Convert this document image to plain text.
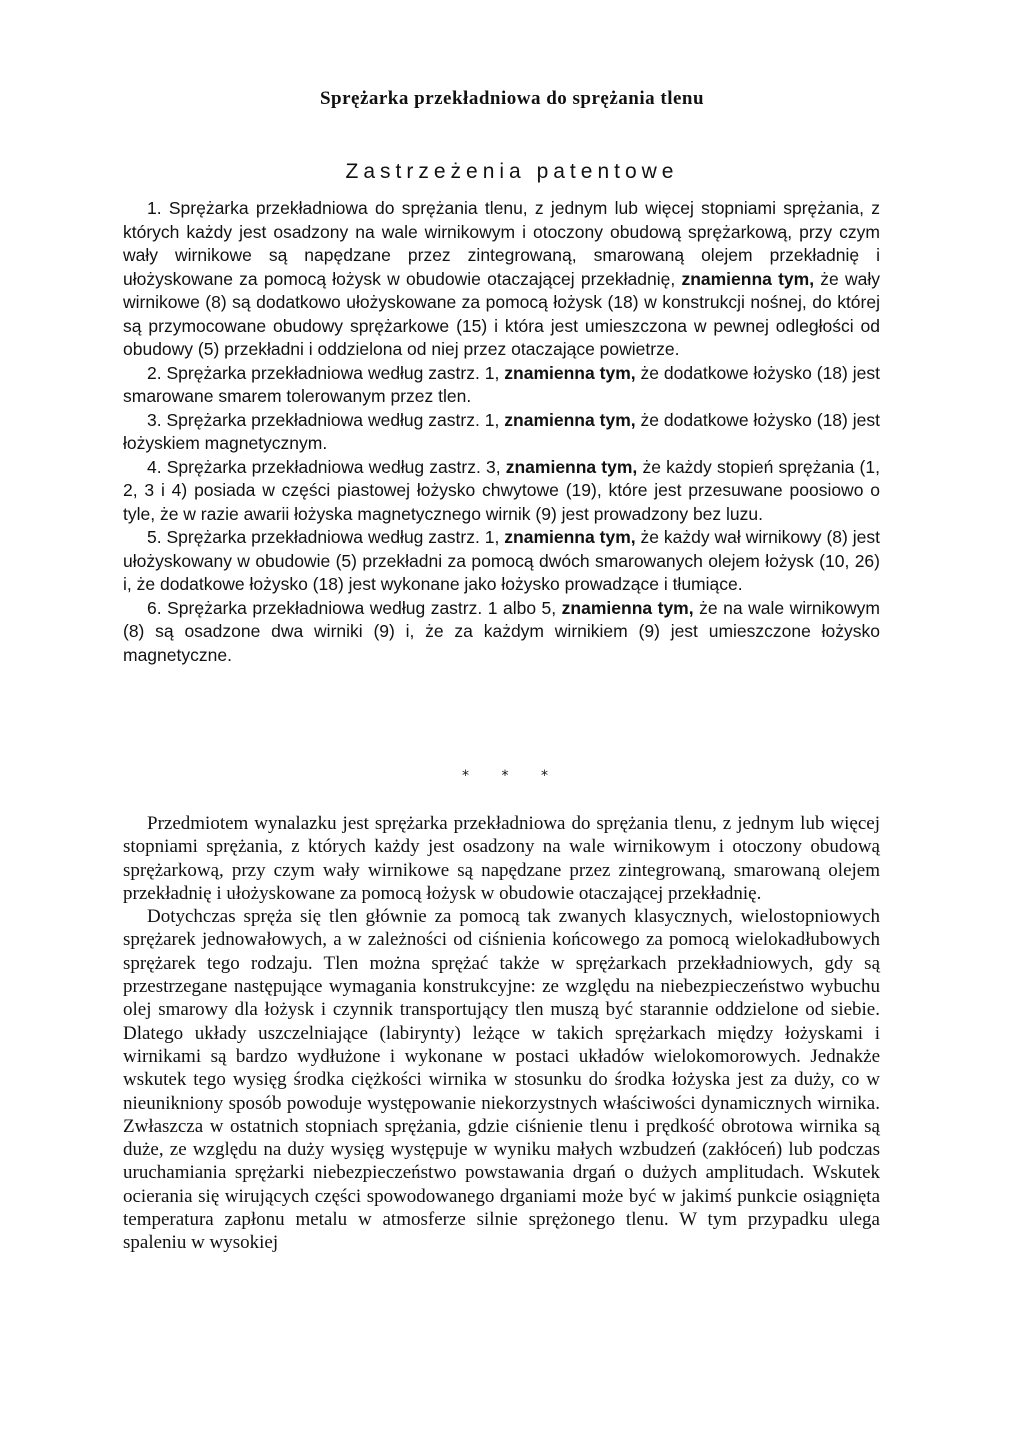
Sprężarka przekładniowa do sprężania tlenu
Zastrzeżenia patentowe

1. Sprężarka przekładniowa do sprężania tlenu, z jednym lub więcej stopniami sprężania, z których każdy jest osadzony na wale wirnikowym i otoczony obudową sprężarkową, przy czym wały wirnikowe są napędzane przez zintegrowaną, smarowaną olejem przekładnię i ułożyskowane za pomocą łożysk w obudowie otaczającej przekładnię, znamienna tym, że wały wirnikowe (8) są dodatkowo ułożyskowane za pomocą łożysk (18) w konstrukcji nośnej, do której są przymocowane obudowy sprężarkowe (15) i która jest umieszczona w pewnej odległości od obudowy (5) przekładni i oddzielona od niej przez otaczające powietrze.

2. Sprężarka przekładniowa według zastrz. 1, znamienna tym, że dodatkowe łożysko (18) jest smarowane smarem tolerowanym przez tlen.

3. Sprężarka przekładniowa według zastrz. 1, znamienna tym, że dodatkowe łożysko (18) jest łożyskiem magnetycznym.

4. Sprężarka przekładniowa według zastrz. 3, znamienna tym, że każdy stopień sprężania (1, 2, 3 i 4) posiada w części piastowej łożysko chwytowe (19), które jest przesuwane poosiowo o tyle, że w razie awarii łożyska magnetycznego wirnik (9) jest prowadzony bez luzu.

5. Sprężarka przekładniowa według zastrz. 1, znamienna tym, że każdy wał wirnikowy (8) jest ułożyskowany w obudowie (5) przekładni za pomocą dwóch smarowanych olejem łożysk (10, 26) i, że dodatkowe łożysko (18) jest wykonane jako łożysko prowadzące i tłumiące.

6. Sprężarka przekładniowa według zastrz. 1 albo 5, znamienna tym, że na wale wirnikowym (8) są osadzone dwa wirniki (9) i, że za każdym wirnikiem (9) jest umieszczone łożysko magnetyczne.

* * *

Przedmiotem wynalazku jest sprężarka przekładniowa do sprężania tlenu, z jednym lub więcej stopniami sprężania, z których każdy jest osadzony na wale wirnikowym i otoczony obudową sprężarkową, przy czym wały wirnikowe są napędzane przez zintegrowaną, smarowaną olejem przekładnię i ułożyskowane za pomocą łożysk w obudowie otaczającej przekładnię.

Dotychczas spręża się tlen głównie za pomocą tak zwanych klasycznych, wielostopniowych sprężarek jednowałowych, a w zależności od ciśnienia końcowego za pomocą wielokadłubowych sprężarek tego rodzaju. Tlen można sprężać także w sprężarkach przekładniowych, gdy są przestrzegane następujące wymagania konstrukcyjne: ze względu na niebezpieczeństwo wybuchu olej smarowy dla łożysk i czynnik transportujący tlen muszą być starannie oddzielone od siebie. Dlatego układy uszczelniające (labirynty) leżące w takich sprężarkach między łożyskami i wirnikami są bardzo wydłużone i wykonane w postaci układów wielokomorowych. Jednakże wskutek tego wysięg środka ciężkości wirnika w stosunku do środka łożyska jest za duży, co w nieunikniony sposób powoduje występowanie niekorzystnych właściwości dynamicznych wirnika. Zwłaszcza w ostatnich stopniach sprężania, gdzie ciśnienie tlenu i prędkość obrotowa wirnika są duże, ze względu na duży wysięg występuje w wyniku małych wzbudzeń (zakłóceń) lub podczas uruchamiania sprężarki niebezpieczeństwo powstawania drgań o dużych amplitudach. Wskutek ocierania się wirujących części spowodowanego drganiami może być w jakimś punkcie osiągnięta temperatura zapłonu metalu w atmosferze silnie sprężonego tlenu. W tym przypadku ulega spaleniu w wysokiej
